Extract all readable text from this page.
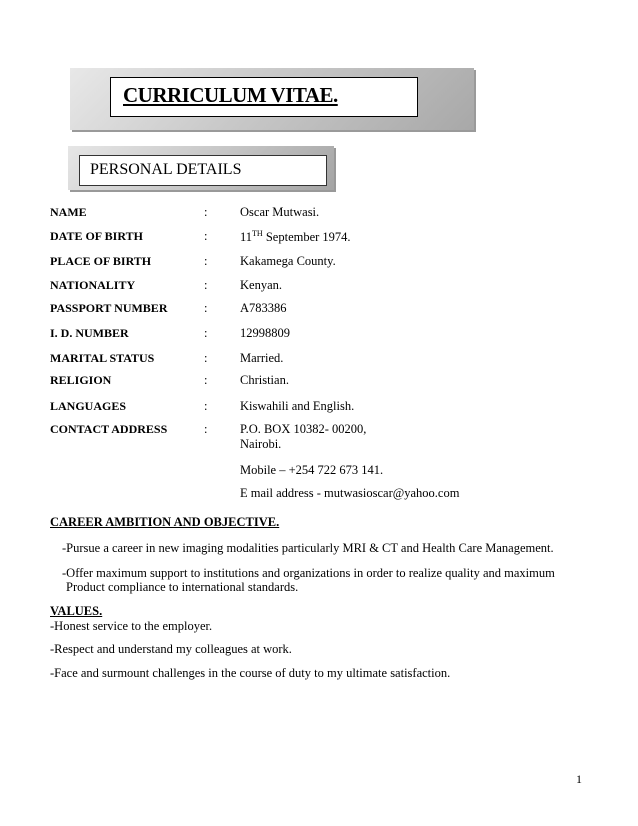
CURRICULUM VITAE.
PERSONAL DETAILS
NAME	:	Oscar Mutwasi.
DATE OF BIRTH	:	11TH September 1974.
PLACE OF BIRTH	:	Kakamega County.
NATIONALITY	:	Kenyan.
PASSPORT NUMBER	:	A783386
I. D. NUMBER	:	12998809
MARITAL STATUS	:	Married.
RELIGION	:	Christian.
LANGUAGES	:	Kiswahili and English.
CONTACT ADDRESS	:	P.O. BOX 10382- 00200,
Nairobi.
Mobile – +254 722 673 141.
E mail address - mutwasioscar@yahoo.com
CAREER AMBITION AND OBJECTIVE.
-Pursue a career in new imaging modalities particularly MRI & CT and Health Care Management.
-Offer maximum support to institutions and organizations in order to realize quality and maximum
Product compliance to international standards.
VALUES.
-Honest service to the employer.
-Respect and understand my colleagues at work.
-Face and surmount challenges in the course of duty to my ultimate satisfaction.
1
